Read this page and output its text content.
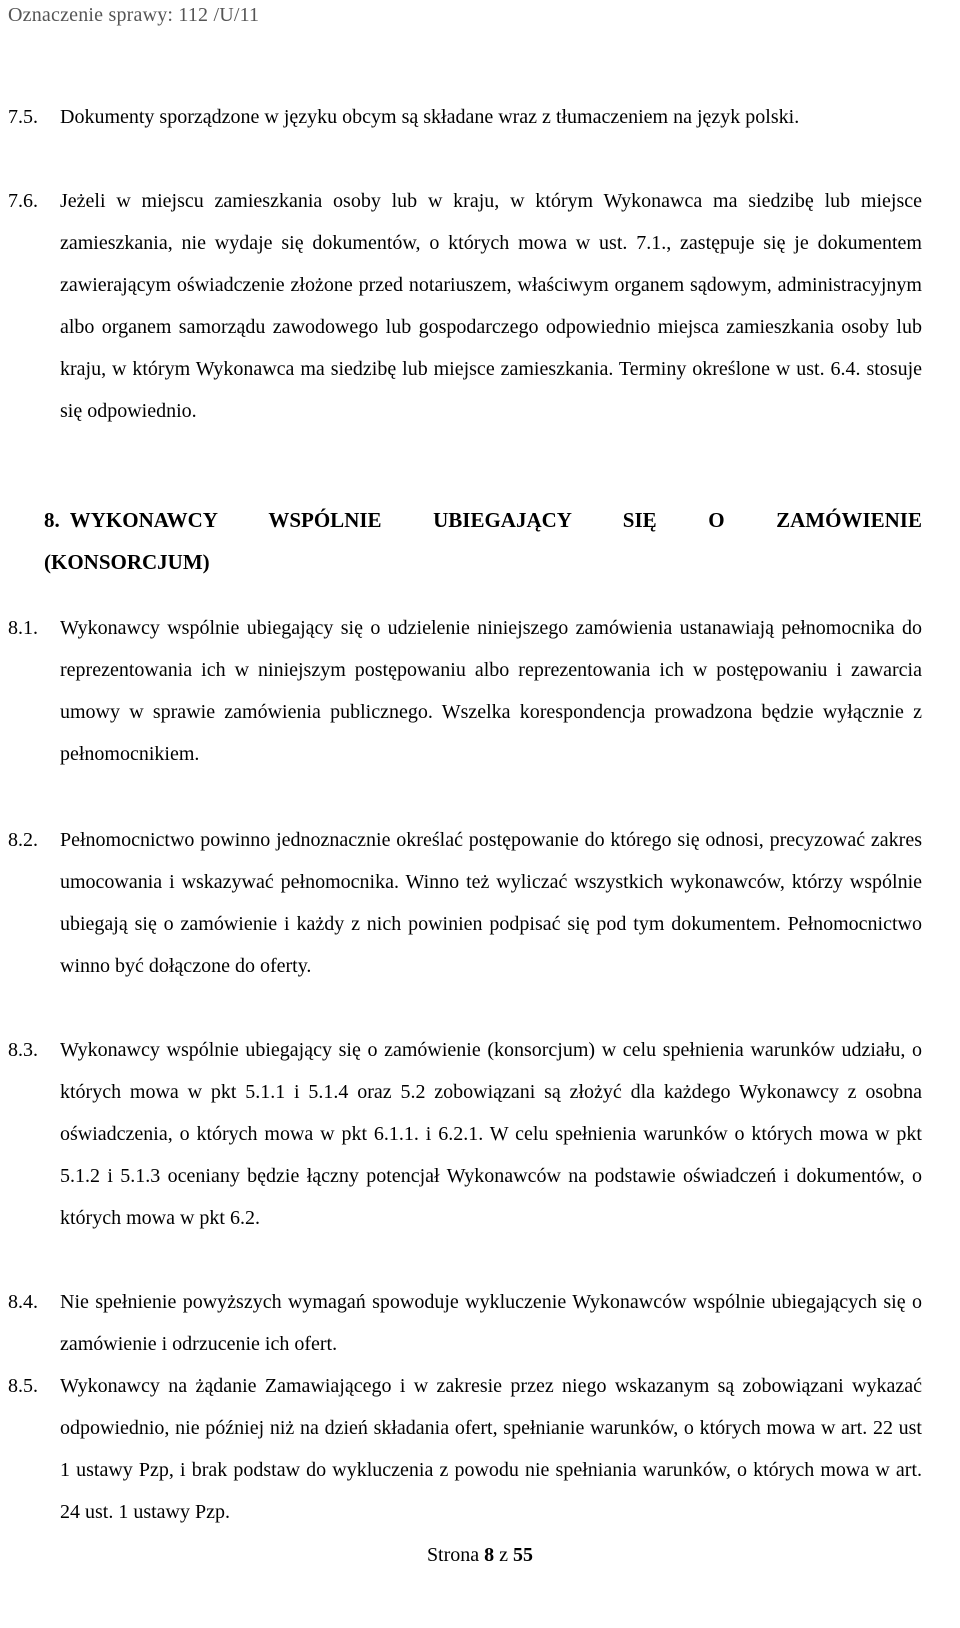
Oznaczenie sprawy: 112 /U/11
7.5. Dokumenty sporządzone w języku obcym są składane wraz z tłumaczeniem na język polski.
7.6. Jeżeli w miejscu zamieszkania osoby lub w kraju, w którym Wykonawca ma siedzibę lub miejsce zamieszkania, nie wydaje się dokumentów, o których mowa w ust. 7.1., zastępuje się je dokumentem zawierającym oświadczenie złożone przed notariuszem, właściwym organem sądowym, administracyjnym albo organem samorządu zawodowego lub gospodarczego odpowiednio miejsca zamieszkania osoby lub kraju, w którym Wykonawca ma siedzibę lub miejsce zamieszkania. Terminy określone w ust. 6.4. stosuje się odpowiednio.
8. WYKONAWCY WSPÓLNIE UBIEGAJĄCY SIĘ O ZAMÓWIENIE
(KONSORCJUM)
8.1. Wykonawcy wspólnie ubiegający się o udzielenie niniejszego zamówienia ustanawiają pełnomocnika do reprezentowania ich w niniejszym postępowaniu albo reprezentowania ich w postępowaniu i zawarcia umowy w sprawie zamówienia publicznego. Wszelka korespondencja prowadzona będzie wyłącznie z pełnomocnikiem.
8.2. Pełnomocnictwo powinno jednoznacznie określać postępowanie do którego się odnosi, precyzować zakres umocowania i wskazywać pełnomocnika. Winno też wyliczać wszystkich wykonawców, którzy wspólnie ubiegają się o zamówienie i każdy z nich powinien podpisać się pod tym dokumentem. Pełnomocnictwo winno być dołączone do oferty.
8.3. Wykonawcy wspólnie ubiegający się o zamówienie (konsorcjum) w celu spełnienia warunków udziału, o których mowa w pkt 5.1.1 i 5.1.4 oraz 5.2 zobowiązani są złożyć dla każdego Wykonawcy z osobna oświadczenia, o których mowa w pkt 6.1.1. i 6.2.1. W celu spełnienia warunków o których mowa w pkt 5.1.2 i 5.1.3 oceniany będzie łączny potencjał Wykonawców na podstawie oświadczeń i dokumentów, o których mowa w pkt 6.2.
8.4. Nie spełnienie powyższych wymagań spowoduje wykluczenie Wykonawców wspólnie ubiegających się o zamówienie i odrzucenie ich ofert.
8.5. Wykonawcy na żądanie Zamawiającego i w zakresie przez niego wskazanym są zobowiązani wykazać odpowiednio, nie później niż na dzień składania ofert, spełnianie warunków, o których mowa w art. 22 ust 1 ustawy Pzp, i brak podstaw do wykluczenia z powodu nie spełniania warunków, o których mowa w art. 24 ust. 1 ustawy Pzp.
Strona 8 z 55
